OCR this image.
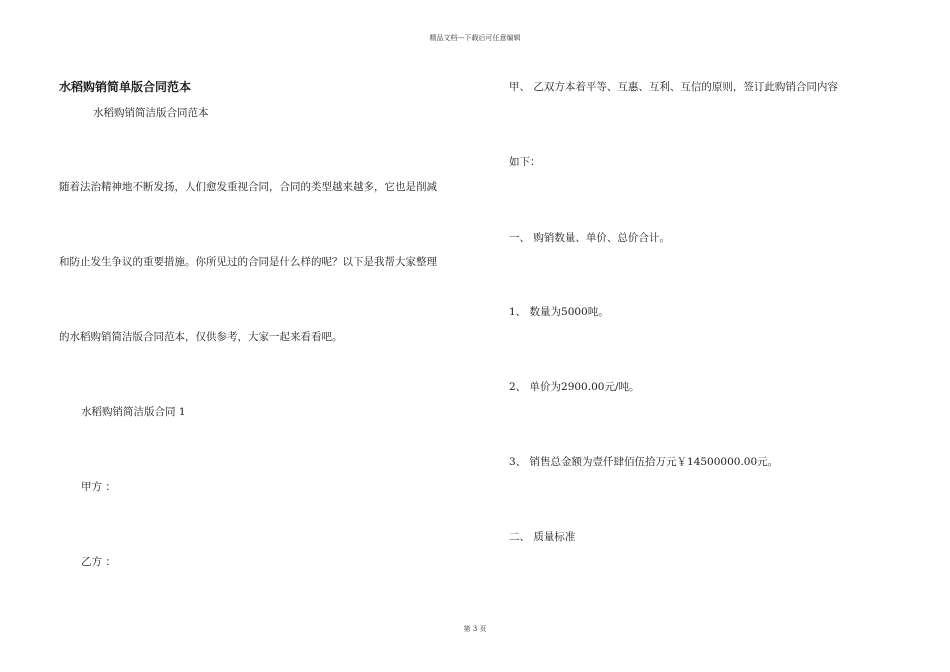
精品文档---下载后可任意编辑
水稻购销简单版合同范本
水稻购销简洁版合同范本
随着法治精神地不断发扬，人们愈发重视合同，合同的类型越来越多，它也是削减
和防止发生争议的重要措施。你所见过的合同是什么样的呢？以下是我帮大家整理
的水稻购销简洁版合同范本，仅供参考，大家一起来看看吧。
水稻购销简洁版合同 1
甲方 ：
乙方 ：
甲、 乙双方本着平等、互惠、互利、互信的原则，签订此购销合同内容
如下：
一、 购销数量、单价、总价合计。
1、 数量为5000吨。
2、 单价为2900.00元/吨。
3、 销售总金额为壹仟肆佰伍拾万元￥14500000.00元。
二、 质量标准
第 3 页
